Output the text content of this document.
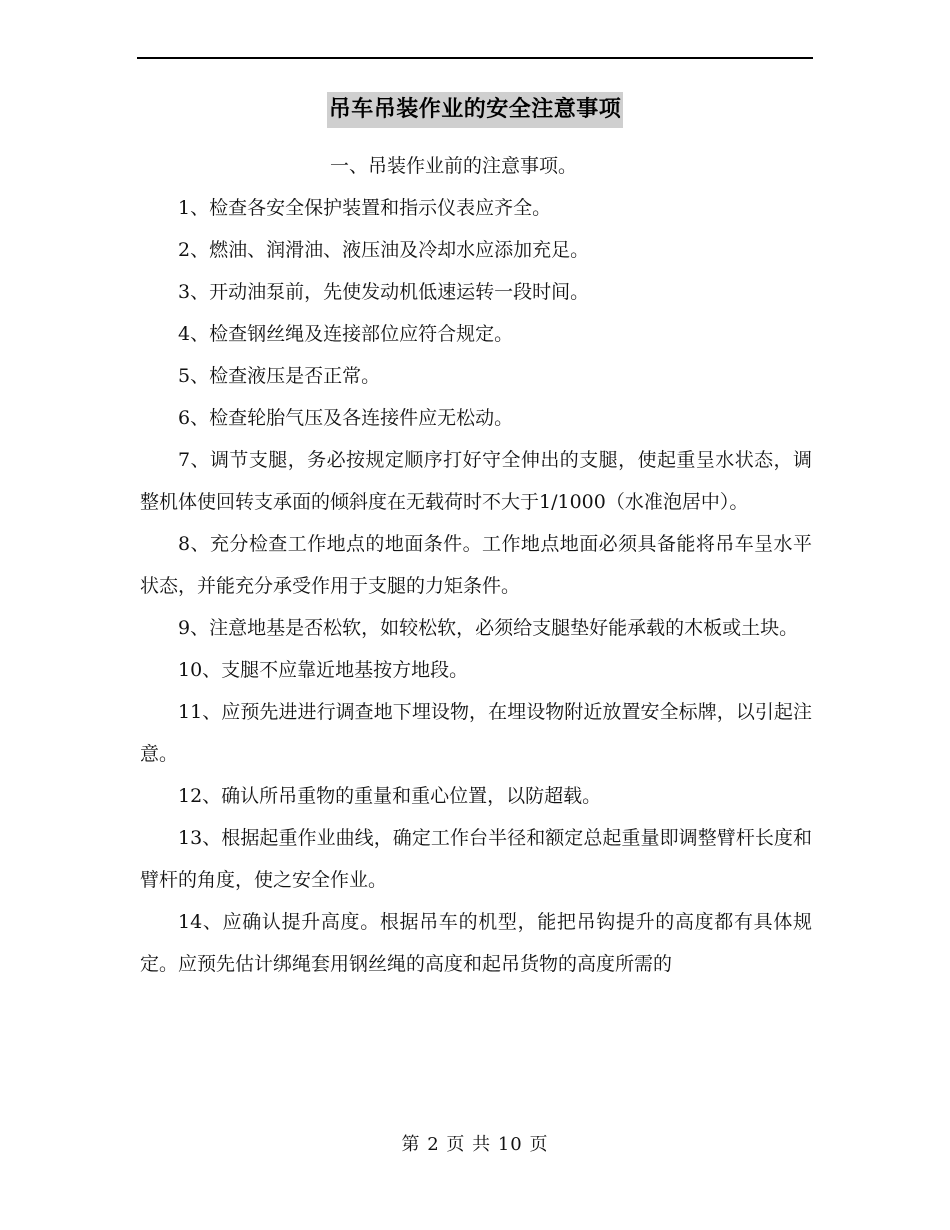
吊车吊装作业的安全注意事项

一、吊装作业前的注意事项。

1、检查各安全保护装置和指示仪表应齐全。

2、燃油、润滑油、液压油及冷却水应添加充足。

3、开动油泵前，先使发动机低速运转一段时间。

4、检查钢丝绳及连接部位应符合规定。

5、检查液压是否正常。

6、检查轮胎气压及各连接件应无松动。

7、调节支腿，务必按规定顺序打好守全伸出的支腿，使起重呈水状态，调整机体使回转支承面的倾斜度在无载荷时不大于1/1000（水准泡居中）。

8、充分检查工作地点的地面条件。工作地点地面必须具备能将吊车呈水平状态，并能充分承受作用于支腿的力矩条件。

9、注意地基是否松软，如较松软，必须给支腿垫好能承载的木板或土块。

10、支腿不应靠近地基按方地段。

11、应预先进进行调查地下埋设物，在埋设物附近放置安全标牌，以引起注意。

12、确认所吊重物的重量和重心位置，以防超载。

13、根据起重作业曲线，确定工作台半径和额定总起重量即调整臂杆长度和臂杆的角度，使之安全作业。

14、应确认提升高度。根据吊车的机型，能把吊钩提升的高度都有具体规定。应预先估计绑绳套用钢丝绳的高度和起吊货物的高度所需的

第 2 页 共 10 页
